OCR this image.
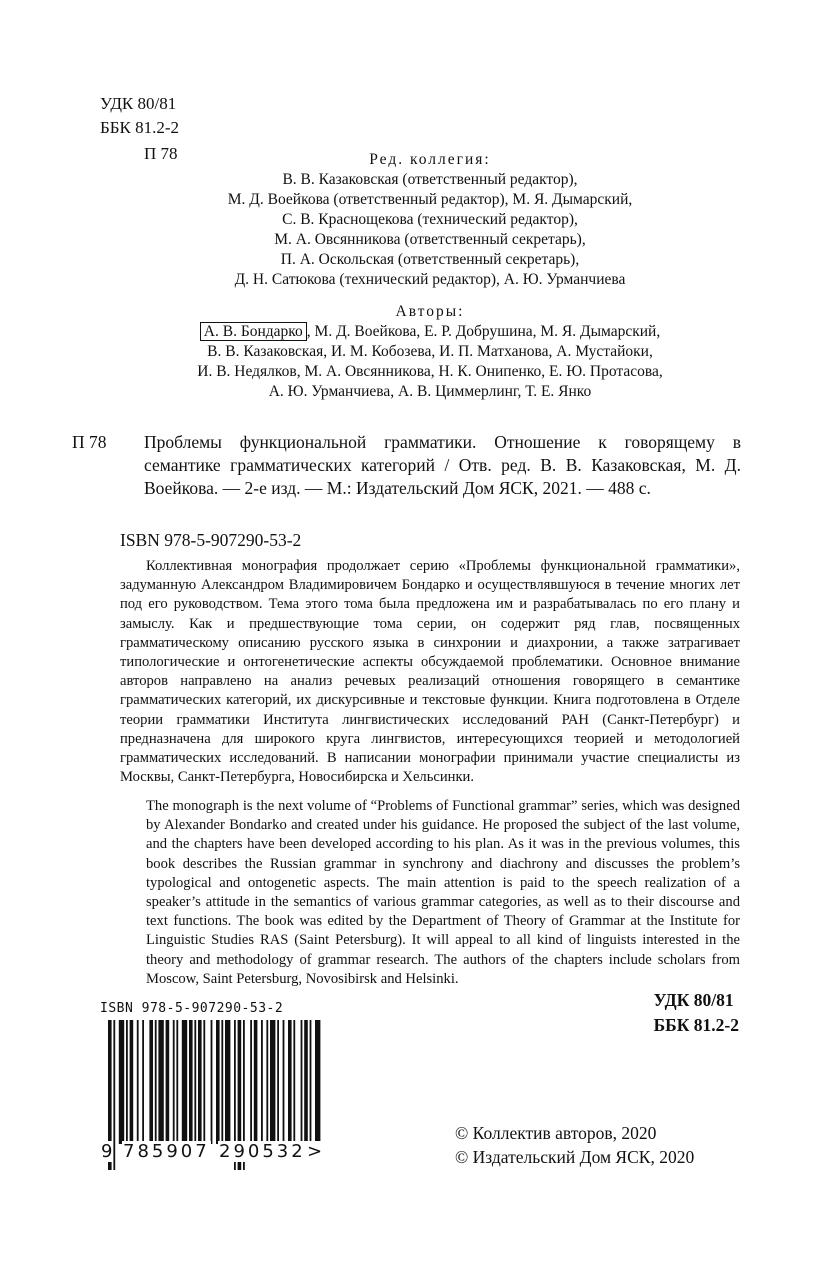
УДК 80/81
ББК 81.2-2
П 78	Ред. коллегия:
В. В. Казаковская (ответственный редактор),
М. Д. Воейкова (ответственный редактор), М. Я. Дымарский,
С. В. Краснощекова (технический редактор),
М. А. Овсянникова (ответственный секретарь),
П. А. Оскольская (ответственный секретарь),
Д. Н. Сатюкова (технический редактор), А. Ю. Урманчиева
Авторы:
А. В. Бондарко , М. Д. Воейкова, Е. Р. Добрушина, М. Я. Дымарский,
В. В. Казаковская, И. М. Кобозева, И. П. Матханова, А. Мустайоки,
И. В. Недялков, М. А. Овсянникова, Н. К. Онипенко, Е. Ю. Протасова,
А. Ю. Урманчиева, А. В. Циммерлинг, Т. Е. Янко
П 78 Проблемы функциональной грамматики. Отношение к говорящему в семантике грамматических категорий / Отв. ред. В. В. Казаковская, М. Д. Воейкова. — 2-е изд. — М.: Издательский Дом ЯСК, 2021. — 488 с.
ISBN 978-5-907290-53-2
Коллективная монография продолжает серию «Проблемы функциональной грамматики», задуманную Александром Владимировичем Бондарко и осуществлявшуюся в течение многих лет под его руководством. Тема этого тома была предложена им и разрабатывалась по его плану и замыслу. Как и предшествующие тома серии, он содержит ряд глав, посвященных грамматическому описанию русского языка в синхронии и диахронии, а также затрагивает типологические и онтогенетические аспекты обсуждаемой проблематики. Основное внимание авторов направлено на анализ речевых реализаций отношения говорящего в семантике грамматических категорий, их дискурсивные и текстовые функции. Книга подготовлена в Отделе теории грамматики Института лингвистических исследований РАН (Санкт-Петербург) и предназначена для широкого круга лингвистов, интересующихся теорией и методологией грамматических исследований. В написании монографии принимали участие специалисты из Москвы, Санкт-Петербурга, Новосибирска и Хельсинки.
The monograph is the next volume of “Problems of Functional grammar” series, which was designed by Alexander Bondarko and created under his guidance. He proposed the subject of the last volume, and the chapters have been developed according to his plan. As it was in the previous volumes, this book describes the Russian grammar in synchrony and diachrony and discusses the problem’s typological and ontogenetic aspects. The main attention is paid to the speech realization of a speaker’s attitude in the semantics of various grammar categories, as well as to their discourse and text functions. The book was edited by the Department of Theory of Grammar at the Institute for Linguistic Studies RAS (Saint Petersburg). It will appeal to all kind of linguists interested in the theory and methodology of grammar research. The authors of the chapters include scholars from Moscow, Saint Petersburg, Novosibirsk and Helsinki.
УДК 80/81
ББК 81.2-2
ISBN 978-5-907290-53-2
9 785907 290532 >
© Коллектив авторов, 2020
© Издательский Дом ЯСК, 2020
